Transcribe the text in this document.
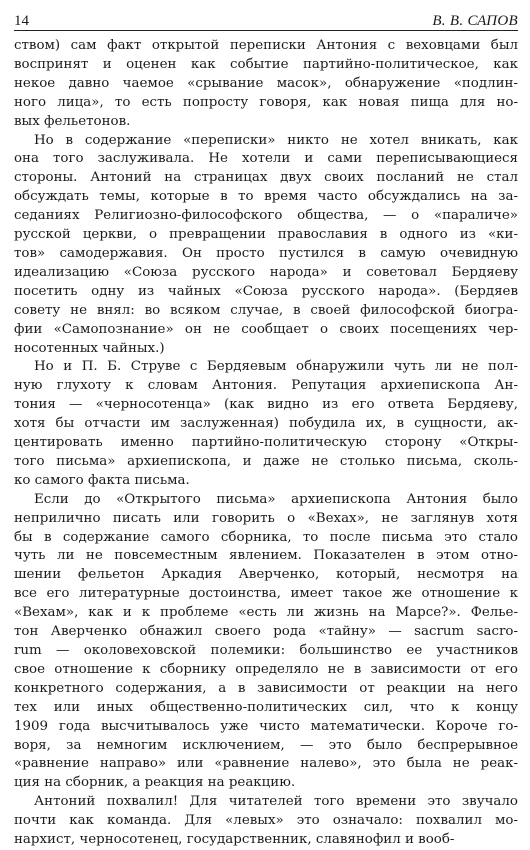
14	В. В. САПОВ

ством) сам факт открытой переписки Антония с веховцами был
воспринят и оценен как событие партийно-политическое, как
некое давно чаемое «срывание масок», обнаружение «подлин-
ного лица», то есть попросту говоря, как новая пища для но-
вых фельетонов.

Но в содержание «переписки» никто не хотел вникать, как
она того заслуживала. Не хотели и сами переписывающиеся
стороны. Антоний на страницах двух своих посланий не стал
обсуждать темы, которые в то время часто обсуждались на за-
седаниях Религиозно-философского общества, — о «параличе»
русской церкви, о превращении православия в одного из «ки-
тов» самодержавия. Он просто пустился в самую очевидную
идеализацию «Союза русского народа» и советовал Бердяеву
посетить одну из чайных «Союза русского народа». (Бердяев
совету не внял: во всяком случае, в своей философской биогра-
фии «Самопознание» он не сообщает о своих посещениях чер-
носотенных чайных.)

Но и П. Б. Струве с Бердяевым обнаружили чуть ли не пол-
ную глухоту к словам Антония. Репутация архиепископа Ан-
тония — «черносотенца» (как видно из его ответа Бердяеву,
хотя бы отчасти им заслуженная) побудила их, в сущности, ак-
центировать именно партийно-политическую сторону «Откры-
того письма» архиепископа, и даже не столько письма, сколь-
ко самого факта письма.

Если до «Открытого письма» архиепископа Антония было
неприлично писать или говорить о «Вехах», не заглянув хотя
бы в содержание самого сборника, то после письма это стало
чуть ли не повсеместным явлением. Показателен в этом отно-
шении фельетон Аркадия Аверченко, который, несмотря на
все его литературные достоинства, имеет такое же отношение к
«Вехам», как и к проблеме «есть ли жизнь на Марсе?». Фельe-
тон Аверченко обнажил своего рода «тайну» — sacrum sacro-
rum — околовеховской полемики: большинство ее участников
свое отношение к сборнику определяло не в зависимости от его
конкретного содержания, а в зависимости от реакции на него
тех или иных общественно-политических сил, что к концу
1909 года высчитывалось уже чисто математически. Короче го-
воря, за немногим исключением, — это было беспрерывное
«равнение направо» или «равнение налево», это была не реак-
ция на сборник, а реакция на реакцию.

Антоний похвалил! Для читателей того времени это звучало
почти как команда. Для «левых» это означало: похвалил мо-
нархист, черносотенец, государственник, славянофил и вооб-
